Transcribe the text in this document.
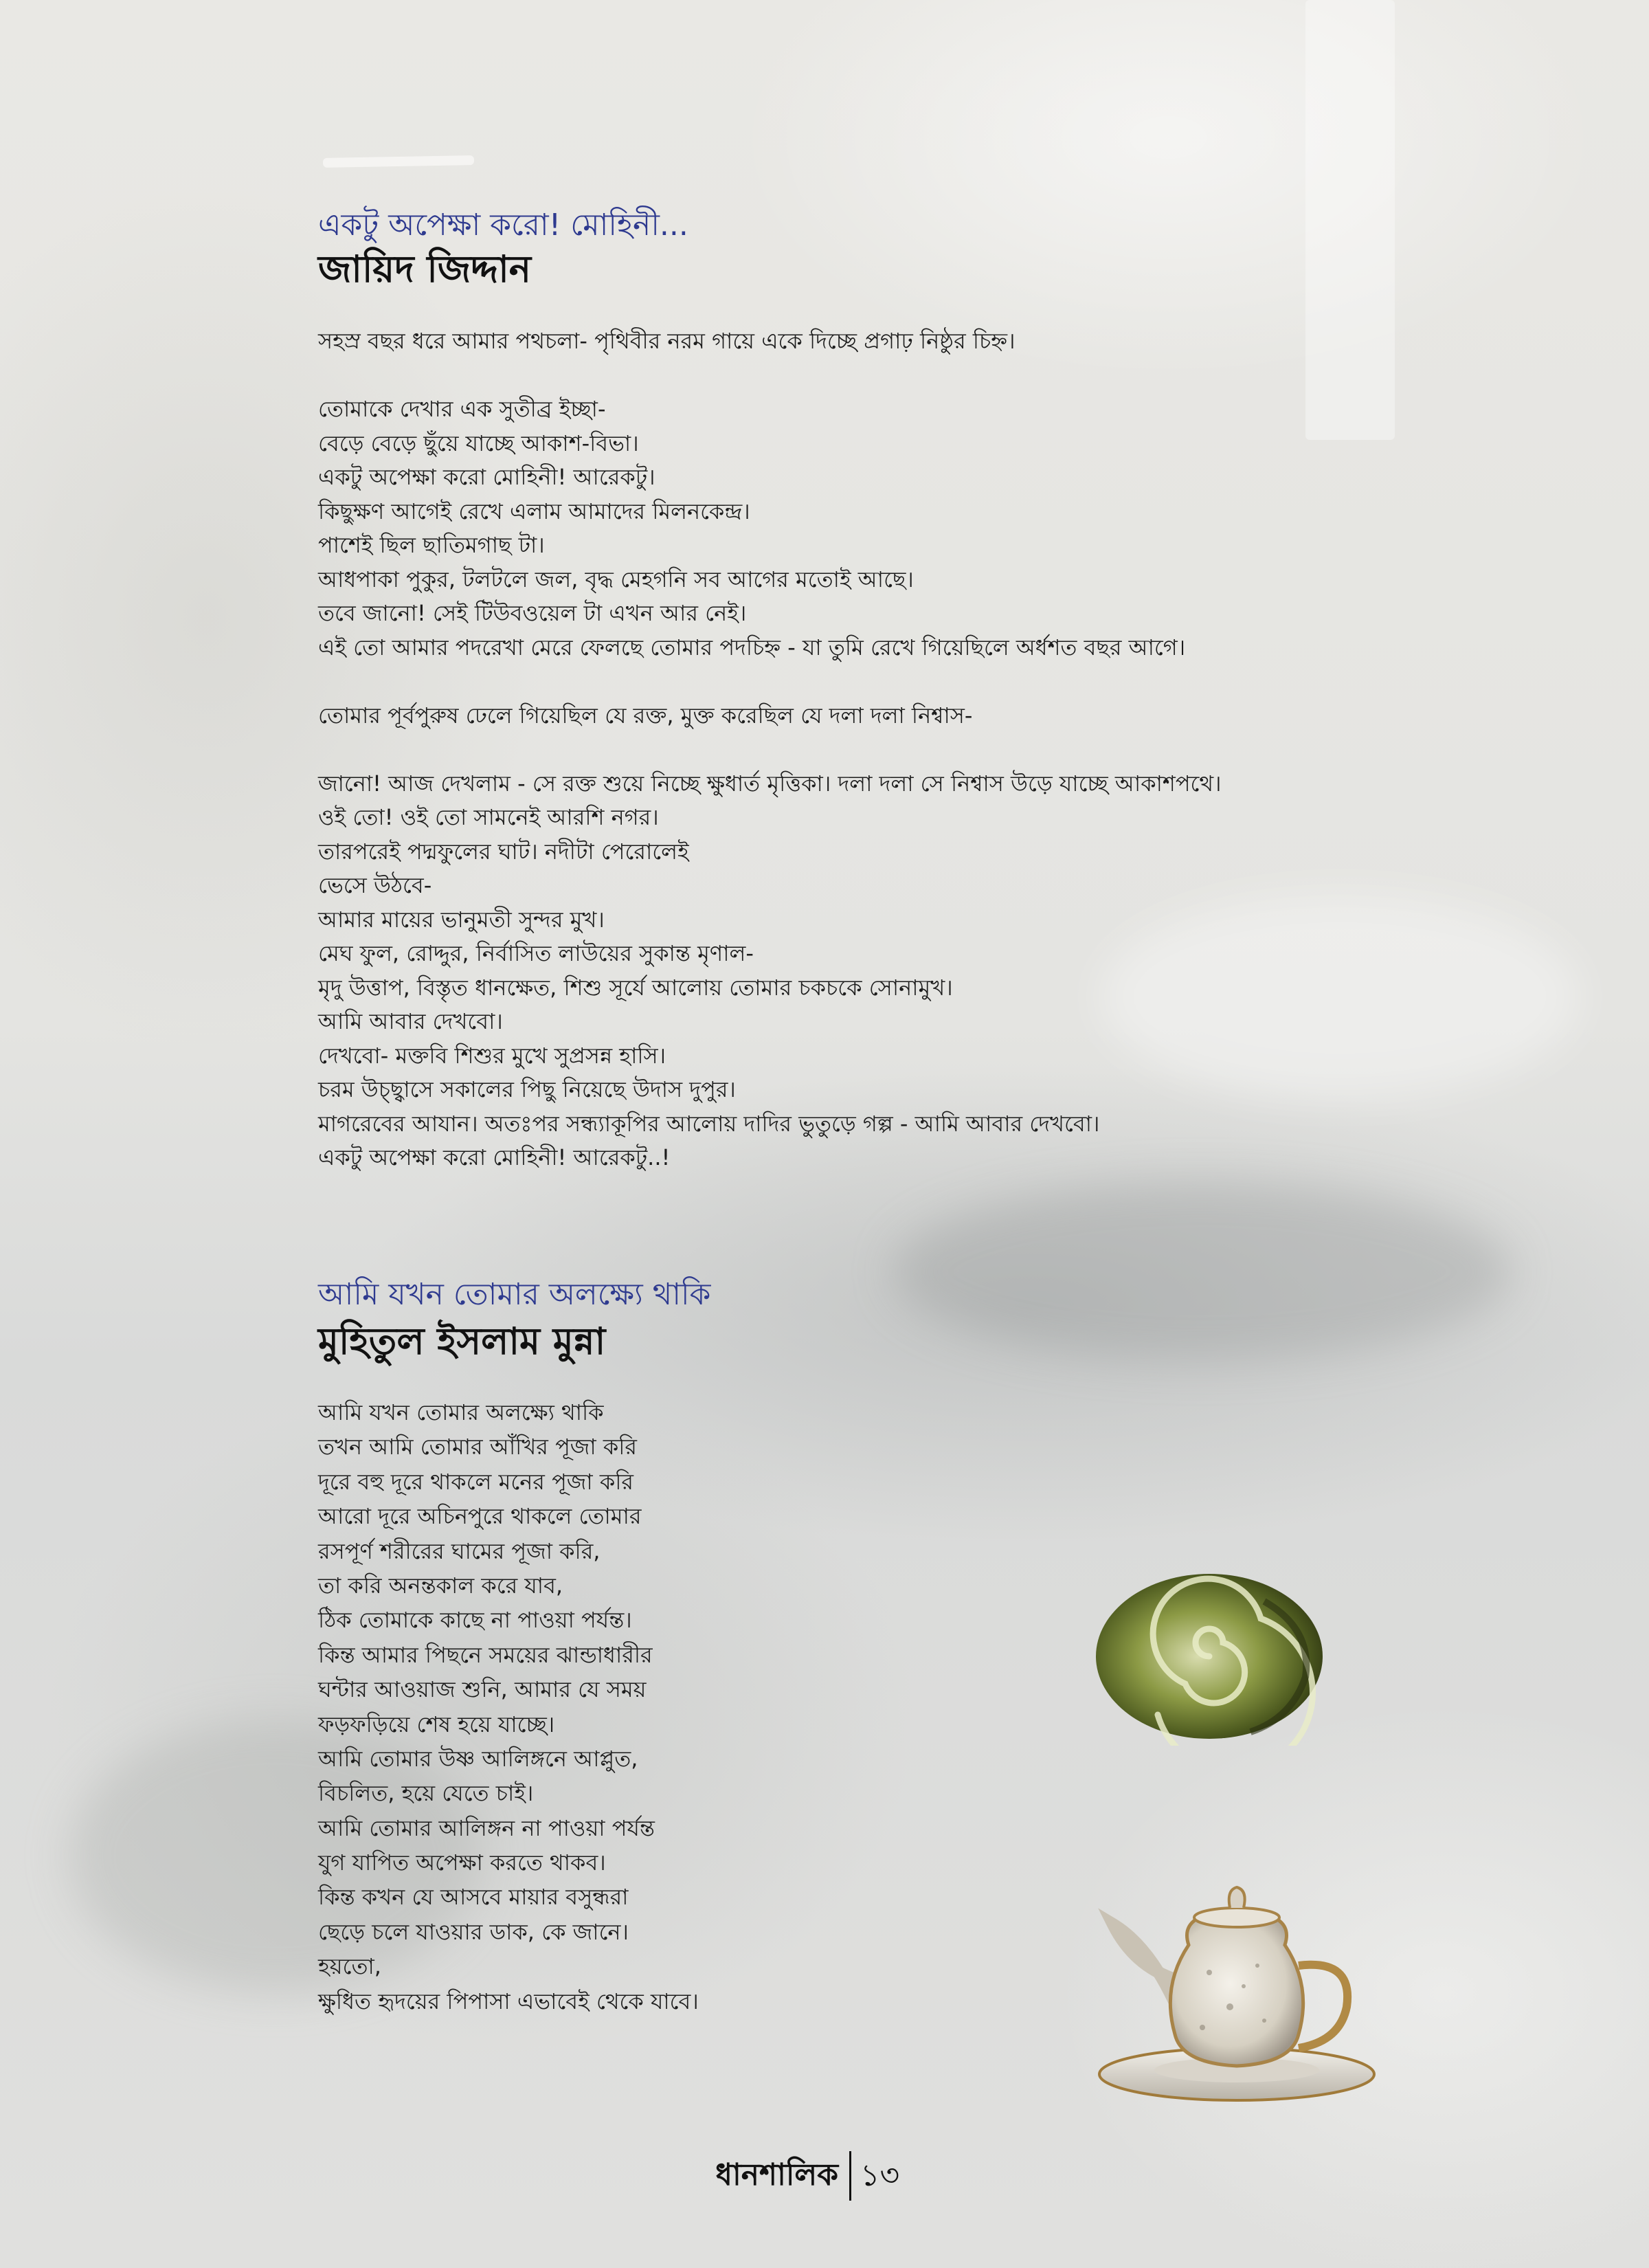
একটু অপেক্ষা করো! মোহিনী...
জায়িদ জিদ্দান
সহস্র বছর ধরে আমার পথচলা- পৃথিবীর নরম গায়ে একে দিচ্ছে প্রগাঢ় নিষ্ঠুর চিহ্ন।
তোমাকে দেখার এক সুতীব্র ইচ্ছা-
বেড়ে বেড়ে ছুঁয়ে যাচ্ছে আকাশ-বিভা।
একটু অপেক্ষা করো মোহিনী! আরেকটু।
কিছুক্ষণ আগেই রেখে এলাম আমাদের মিলনকেন্দ্র।
পাশেই ছিল ছাতিমগাছ টা।
আধপাকা পুকুর, টলটলে জল, বৃদ্ধ মেহগনি সব আগের মতোই আছে।
তবে জানো! সেই টিউবওয়েল টা এখন আর নেই।
এই তো আমার পদরেখা মেরে ফেলছে তোমার পদচিহ্ন - যা তুমি রেখে গিয়েছিলে অর্ধশত বছর আগে।
তোমার পূর্বপুরুষ ঢেলে গিয়েছিল যে রক্ত, মুক্ত করেছিল যে দলা দলা নিশ্বাস-
জানো! আজ দেখলাম - সে রক্ত শুয়ে নিচ্ছে ক্ষুধার্ত মৃত্তিকা। দলা দলা সে নিশ্বাস উড়ে যাচ্ছে আকাশপথে।
ওই তো! ওই তো সামনেই আরশি নগর।
তারপরেই পদ্মফুলের ঘাট। নদীটা পেরোলেই
ভেসে উঠবে-
আমার মায়ের ভানুমতী সুন্দর মুখ।
মেঘ ফুল, রোদ্দুর, নির্বাসিত লাউয়ের সুকান্ত মৃণাল-
মৃদু উত্তাপ, বিস্তৃত ধানক্ষেত, শিশু সূর্যে আলোয় তোমার চকচকে সোনামুখ।
আমি আবার দেখবো।
দেখবো- মক্তবি শিশুর মুখে সুপ্রসন্ন হাসি।
চরম উচ্ছ্বাসে সকালের পিছু নিয়েছে উদাস দুপুর।
মাগরেবের আযান। অতঃপর সন্ধ্যাকূপির আলোয় দাদির ভুতুড়ে গল্প - আমি আবার দেখবো।
একটু অপেক্ষা করো মোহিনী! আরেকটু..!
আমি যখন তোমার অলক্ষ্যে থাকি
মুহিতুল ইসলাম মুন্না
আমি যখন তোমার অলক্ষ্যে থাকি
তখন আমি তোমার আঁখির পূজা করি
দূরে বহু দূরে থাকলে মনের পূজা করি
আরো দূরে অচিনপুরে থাকলে তোমার
রসপূর্ণ শরীরের ঘামের পূজা করি,
তা করি অনন্তকাল করে যাব,
ঠিক তোমাকে কাছে না পাওয়া পর্যন্ত।
কিন্ত আমার পিছনে সময়ের ঝান্ডাধারীর
ঘন্টার আওয়াজ শুনি, আমার যে সময়
ফড়ফড়িয়ে শেষ হয়ে যাচ্ছে।
আমি তোমার উষ্ণ আলিঙ্গনে আপ্লুত,
বিচলিত, হয়ে যেতে চাই।
আমি তোমার আলিঙ্গন না পাওয়া পর্যন্ত
যুগ যাপিত অপেক্ষা করতে থাকব।
কিন্ত কখন যে আসবে মায়ার বসুন্ধরা
ছেড়ে চলে যাওয়ার ডাক, কে জানে।
হয়তো,
ক্ষুধিত হৃদয়ের পিপাসা এভাবেই থেকে যাবে।
ধানশালিক ১৩
